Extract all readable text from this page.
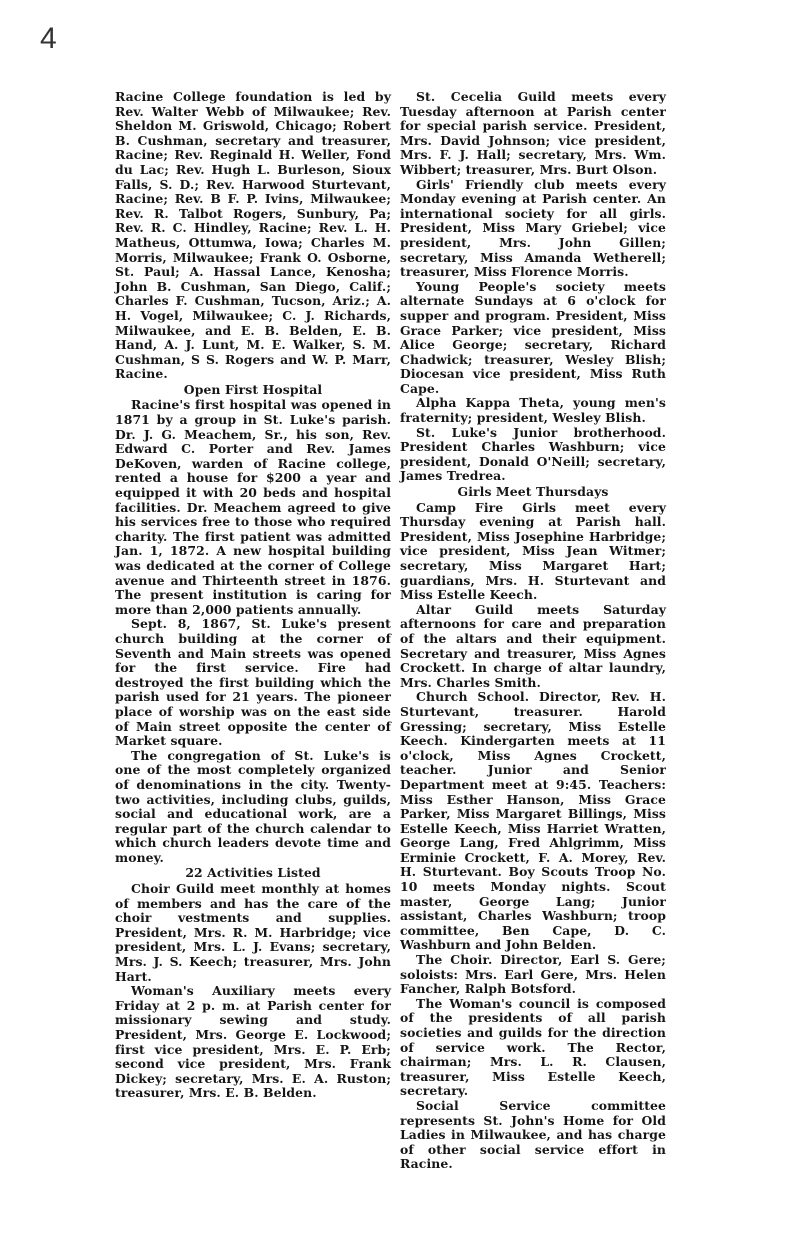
4

Racine College foundation is led by Rev. Walter Webb of Milwaukee; Rev. Sheldon M. Griswold, Chicago; Robert B. Cushman, secretary and treasurer, Racine; Rev. Reginald H. Weller, Fond du Lac; Rev. Hugh L. Burleson, Sioux Falls, S. D.; Rev. Harwood Sturtevant, Racine; Rev. B F. P. Ivins, Milwaukee; Rev. R. Talbot Rogers, Sunbury, Pa; Rev. R. C. Hindley, Racine; Rev. L. H. Matheus, Ottumwa, Iowa; Charles M. Morris, Milwaukee; Frank O. Osborne, St. Paul; A. Hassal Lance, Kenosha; John B. Cushman, San Diego, Calif.; Charles F. Cushman, Tucson, Ariz.; A. H. Vogel, Milwaukee; C. J. Richards, Milwaukee, and E. B. Belden, E. B. Hand, A. J. Lunt, M. E. Walker, S. M. Cushman, S S. Rogers and W. P. Marr, Racine.

Open First Hospital

Racine's first hospital was opened in 1871 by a group in St. Luke's parish. Dr. J. G. Meachem, Sr., his son, Rev. Edward C. Porter and Rev. James DeKoven, warden of Racine college, rented a house for $200 a year and equipped it with 20 beds and hospital facilities. Dr. Meachem agreed to give his services free to those who required charity. The first patient was admitted Jan. 1, 1872. A new hospital building was dedicated at the corner of College avenue and Thirteenth street in 1876. The present institution is caring for more than 2,000 patients annually.

Sept. 8, 1867, St. Luke's present church building at the corner of Seventh and Main streets was opened for the first service. Fire had destroyed the first building which the parish used for 21 years. The pioneer place of worship was on the east side of Main street opposite the center of Market square.

The congregation of St. Luke's is one of the most completely organized of denominations in the city. Twenty-two activities, including clubs, guilds, social and educational work, are a regular part of the church calendar to which church leaders devote time and money.

22 Activities Listed

Choir Guild meet monthly at homes of members and has the care of the choir vestments and supplies. President, Mrs. R. M. Harbridge; vice president, Mrs. L. J. Evans; secretary, Mrs. J. S. Keech; treasurer, Mrs. John Hart.

Woman's Auxiliary meets every Friday at 2 p. m. at Parish center for missionary sewing and study. President, Mrs. George E. Lockwood; first vice president, Mrs. E. P. Erb; second vice president, Mrs. Frank Dickey; secretary, Mrs. E. A. Ruston; treasurer, Mrs. E. B. Belden.

St. Cecelia Guild meets every Tuesday afternoon at Parish center for special parish service. President, Mrs. David Johnson; vice president, Mrs. F. J. Hall; secretary, Mrs. Wm. Wibbert; treasurer, Mrs. Burt Olson.

Girls' Friendly club meets every Monday evening at Parish center. An international society for all girls. President, Miss Mary Griebel; vice president, Mrs. John Gillen; secretary, Miss Amanda Wetherell; treasurer, Miss Florence Morris.

Young People's society meets alternate Sundays at 6 o'clock for supper and program. President, Miss Grace Parker; vice president, Miss Alice George; secretary, Richard Chadwick; treasurer, Wesley Blish; Diocesan vice president, Miss Ruth Cape.

Alpha Kappa Theta, young men's fraternity; president, Wesley Blish.

St. Luke's Junior brotherhood. President Charles Washburn; vice president, Donald O'Neill; secretary, James Tredrea.

Girls Meet Thursdays

Camp Fire Girls meet every Thursday evening at Parish hall. President, Miss Josephine Harbridge; vice president, Miss Jean Witmer; secretary, Miss Margaret Hart; guardians, Mrs. H. Sturtevant and Miss Estelle Keech.

Altar Guild meets Saturday afternoons for care and preparation of the altars and their equipment. Secretary and treasurer, Miss Agnes Crockett. In charge of altar laundry, Mrs. Charles Smith.

Church School. Director, Rev. H. Sturtevant, treasurer. Harold Gressing; secretary, Miss Estelle Keech. Kindergarten meets at 11 o'clock, Miss Agnes Crockett, teacher. Junior and Senior Department meet at 9:45. Teachers: Miss Esther Hanson, Miss Grace Parker, Miss Margaret Billings, Miss Estelle Keech, Miss Harriet Wratten, George Lang, Fred Ahlgrimm, Miss Erminie Crockett, F. A. Morey, Rev. H. Sturtevant. Boy Scouts Troop No. 10 meets Monday nights. Scout master, George Lang; Junior assistant, Charles Washburn; troop committee, Ben Cape, D. C. Washburn and John Belden.

The Choir. Director, Earl S. Gere; soloists: Mrs. Earl Gere, Mrs. Helen Fancher, Ralph Botsford.

The Woman's council is composed of the presidents of all parish societies and guilds for the direction of service work. The Rector, chairman; Mrs. L. R. Clausen, treasurer, Miss Estelle Keech, secretary.

Social Service committee represents St. John's Home for Old Ladies in Milwaukee, and has charge of other social service effort in Racine.
